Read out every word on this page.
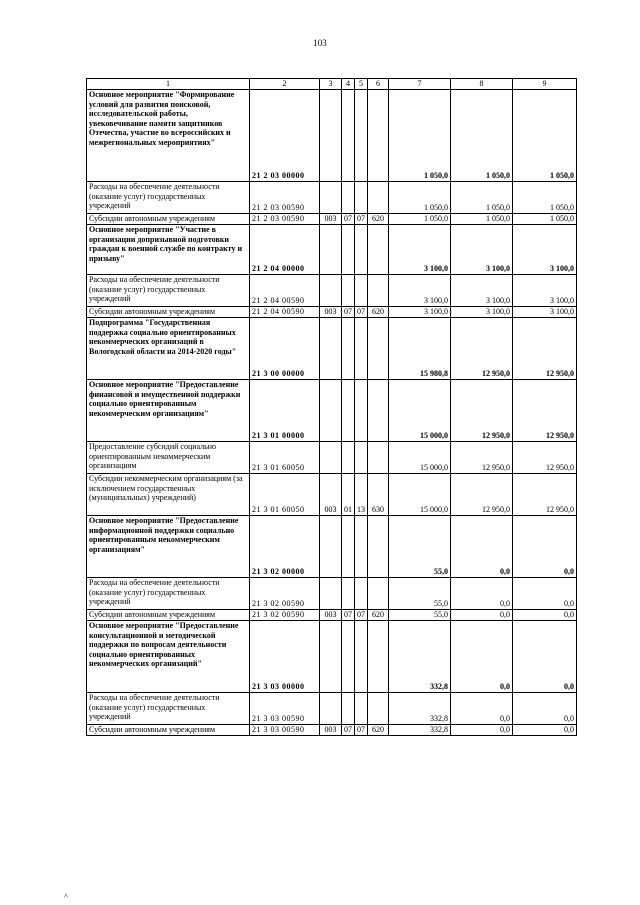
103
1	2	3	4	5	6	7	8	9
Основное мероприятие "Формирование условий для развития поисковой, исследовательской работы, увековечивание памяти защитников Отечества, участие во всероссийских и межрегиональных мероприятиях"	21 2 03 00000					1 050,0	1 050,0	1 050,0
Расходы на обеспечение деятельности (оказание услуг) государственных учреждений	21 2 03 00590					1 050,0	1 050,0	1 050,0
Субсидии автономным учреждениям	21 2 03 00590	003	07	07	620	1 050,0	1 050,0	1 050,0
Основное мероприятие "Участие в организации допризывной подготовки граждан к военной службе по контракту и призыву"	21 2 04 00000					3 100,0	3 100,0	3 100,0
Расходы на обеспечение деятельности (оказание услуг) государственных учреждений	21 2 04 00590					3 100,0	3 100,0	3 100,0
Субсидии автономным учреждениям	21 2 04 00590	003	07	07	620	3 100,0	3 100,0	3 100,0
Подпрограмма "Государственная поддержка социально ориентированных некоммерческих организаций в Вологодской области на 2014-2020 годы"	21 3 00 00000					15 980,8	12 950,0	12 950,0
Основное мероприятие "Предоставление финансовой и имущественной поддержки социально ориентированным некоммерческим организациям"	21 3 01 00000					15 000,0	12 950,0	12 950,0
Предоставление субсидий социально ориентированным некоммерческим организациям	21 3 01 60050					15 000,0	12 950,0	12 950,0
Субсидии некоммерческим организациям (за исключением государственных (муниципальных) учреждений)	21 3 01 60050	003	01	13	630	15 000,0	12 950,0	12 950,0
Основное мероприятие "Предоставление информационной поддержки социально ориентированным некоммерческим организациям"	21 3 02 00000					55,0	0,0	0,0
Расходы на обеспечение деятельности (оказание услуг) государственных учреждений	21 3 02 00590					55,0	0,0	0,0
Субсидии автономным учреждениям	21 3 02 00590	003	07	07	620	55,0	0,0	0,0
Основное мероприятие "Предоставление консультационной и методической поддержки по вопросам деятельности социально ориентированных некоммерческих организаций"	21 3 03 00000					332,8	0,0	0,0
Расходы на обеспечение деятельности (оказание услуг) государственных учреждений	21 3 03 00590					332,8	0,0	0,0
Субсидии автономным учреждениям	21 3 03 00590	003	07	07	620	332,8	0,0	0,0
^
